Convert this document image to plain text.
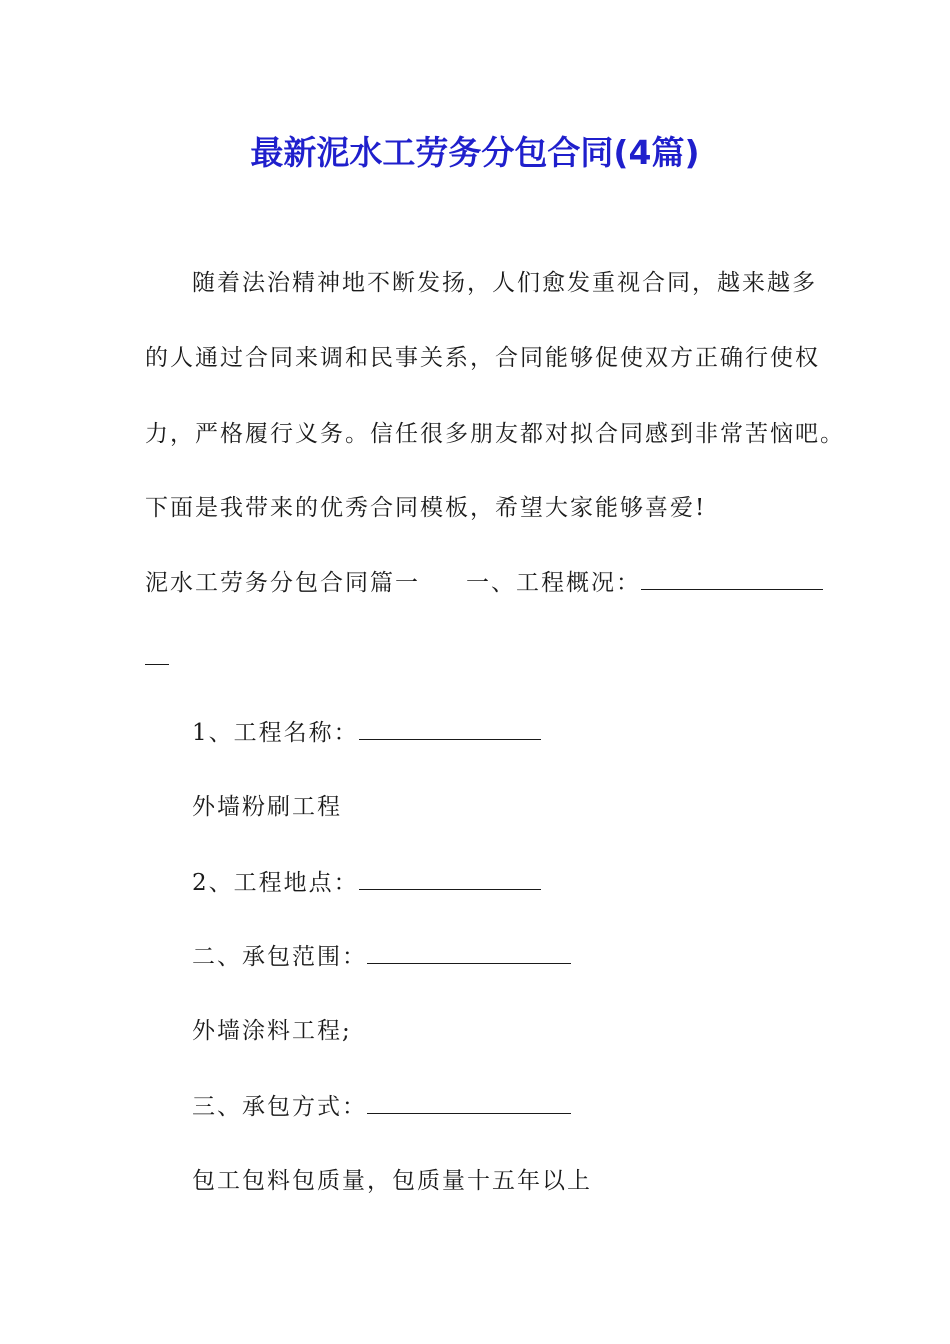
最新泥水工劳务分包合同(4篇)
随着法治精神地不断发扬，人们愈发重视合同，越来越多
的人通过合同来调和民事关系，合同能够促使双方正确行使权
力，严格履行义务。信任很多朋友都对拟合同感到非常苦恼吧。
下面是我带来的优秀合同模板，希望大家能够喜爱!
泥水工劳务分包合同篇一 一、工程概况：
1、工程名称：
外墙粉刷工程
2、工程地点：
二、承包范围：
外墙涂料工程;
三、承包方式：
包工包料包质量，包质量十五年以上
